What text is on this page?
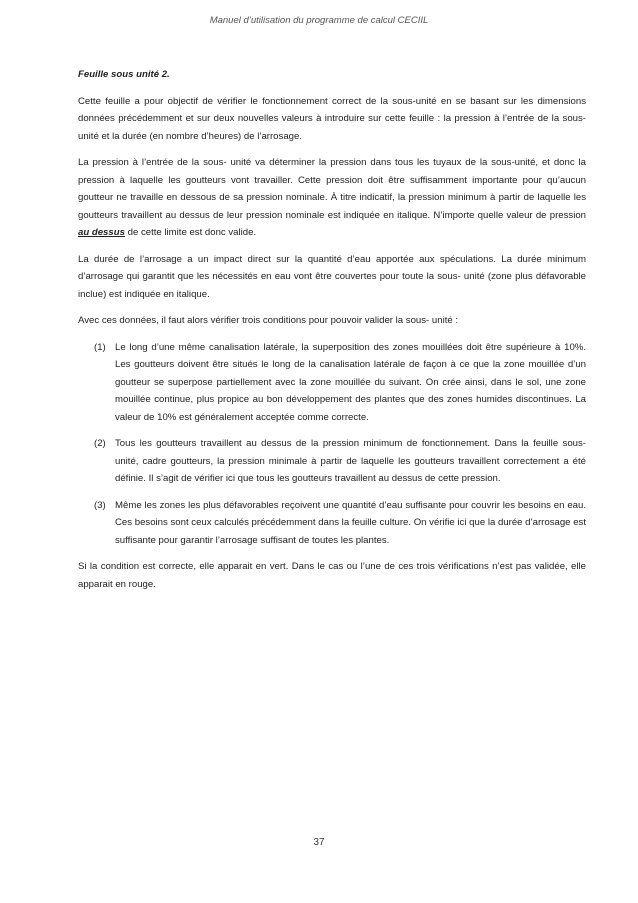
Manuel d’utilisation du programme de calcul CECIIL

Feuille sous unité 2.

Cette feuille a pour objectif de vérifier le fonctionnement correct de la sous-unité en se basant sur les dimensions données précédemment et sur deux nouvelles valeurs à introduire sur cette feuille : la pression à l’entrée de la sous- unité et la durée (en nombre d’heures) de l’arrosage.

La pression à l’entrée de la sous- unité va déterminer la pression dans tous les tuyaux de la sous-unité, et donc la pression à laquelle les goutteurs vont travailler. Cette pression doit être suffisamment importante pour qu’aucun goutteur ne travaille en dessous de sa pression nominale. À titre indicatif, la pression minimum à partir de laquelle les goutteurs travaillent au dessus de leur pression nominale est indiquée en italique. N’importe quelle valeur de pression au dessus de cette limite est donc valide.

La durée de l’arrosage a un impact direct sur la quantité d’eau apportée aux spéculations. La durée minimum d’arrosage qui garantit que les nécessités en eau vont être couvertes pour toute la sous- unité (zone plus défavorable inclue) est indiquée en italique.

Avec ces données, il faut alors vérifier trois conditions pour pouvoir valider la sous- unité :

(1) Le long d’une même canalisation latérale, la superposition des zones mouillées doit être supérieure à 10%. Les goutteurs doivent être situés le long de la canalisation latérale de façon à ce que la zone mouillée d’un goutteur se superpose partiellement avec la zone mouillée du suivant. On crée ainsi, dans le sol, une zone mouillée continue, plus propice au bon développement des plantes que des zones humides discontinues. La valeur de 10% est généralement acceptée comme correcte.
(2) Tous les goutteurs travaillent au dessus de la pression minimum de fonctionnement. Dans la feuille sous- unité, cadre goutteurs, la pression minimale à partir de laquelle les goutteurs travaillent correctement a été définie. Il s’agit de vérifier ici que tous les goutteurs travaillent au dessus de cette pression.
(3) Même les zones les plus défavorables reçoivent une quantité d’eau suffisante pour couvrir les besoins en eau. Ces besoins sont ceux calculés précédemment dans la feuille culture. On vérifie ici que la durée d’arrosage est suffisante pour garantir l’arrosage suffisant de toutes les plantes.

Si la condition est correcte, elle apparait en vert. Dans le cas ou l’une de ces trois vérifications n’est pas validée, elle apparait en rouge.

37
